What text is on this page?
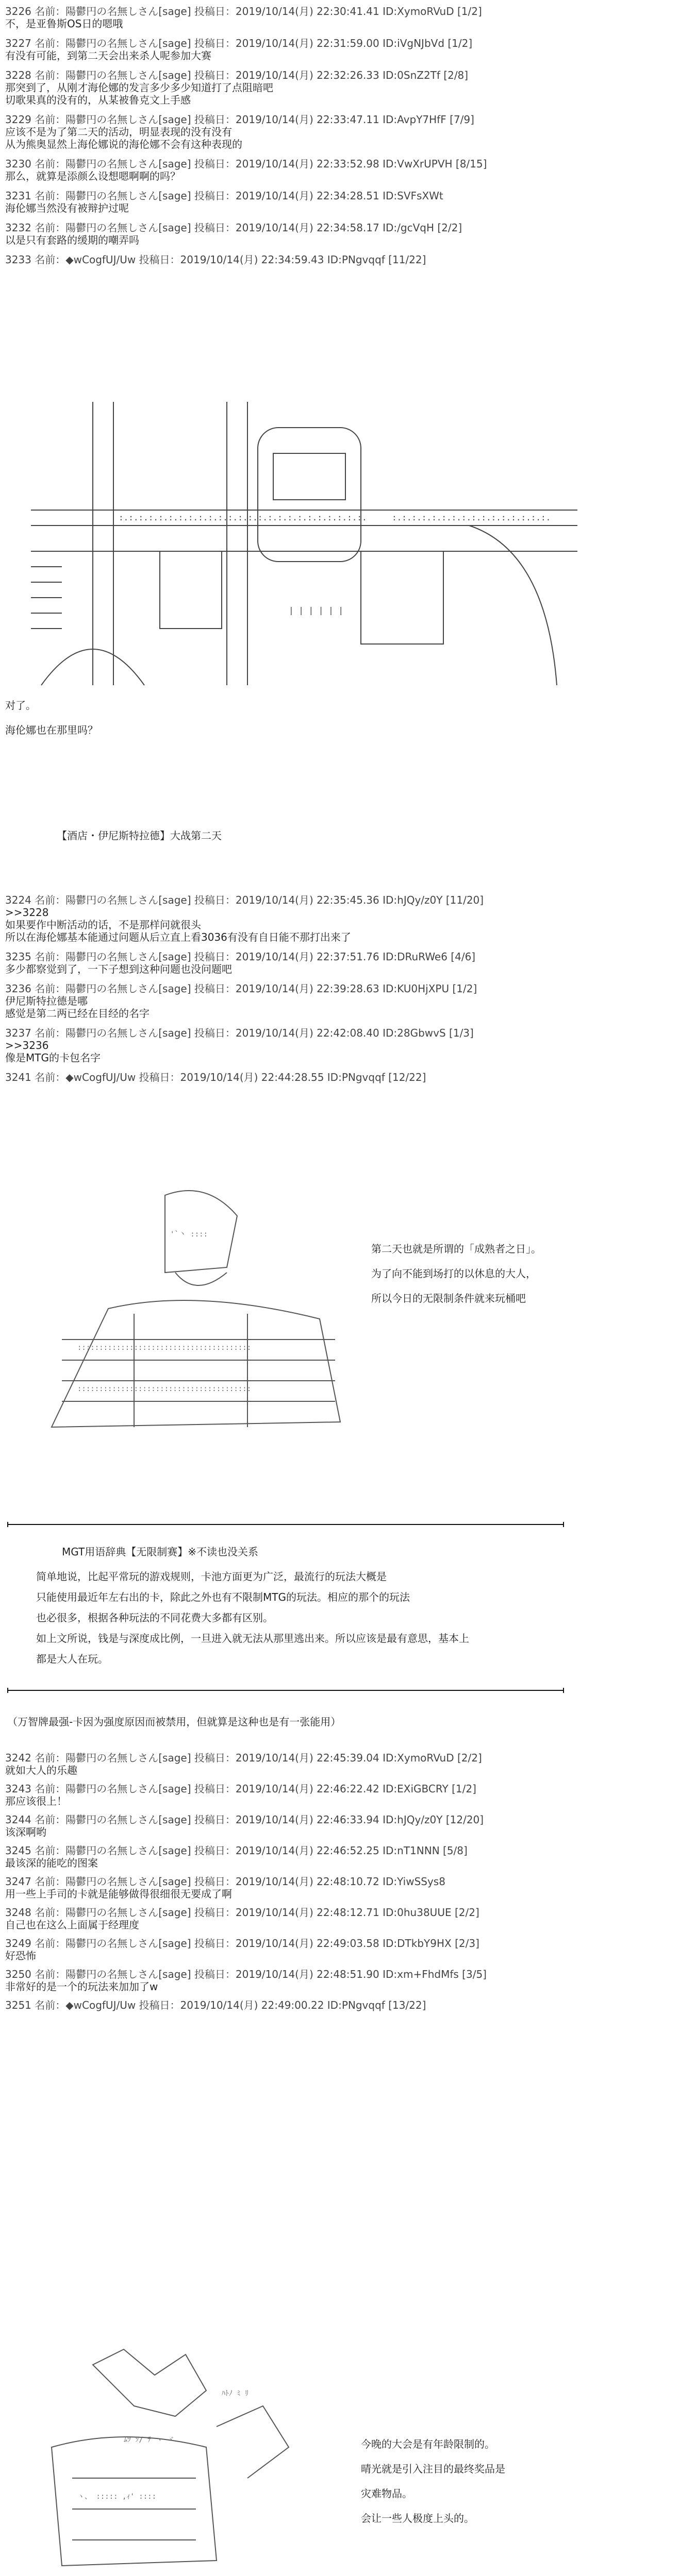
3226 名前：陽鬱円の名無しさん[sage] 投稿日：2019/10/14(月) 22:30:41.41 ID:XymoRVuD [1/2]
不，是亚鲁斯OS日的嗯哦
3227 名前：陽鬱円の名無しさん[sage] 投稿日：2019/10/14(月) 22:31:59.00 ID:iVgNJbVd [1/2]
有没有可能，到第二天会出来杀人呢参加大赛
3228 名前：陽鬱円の名無しさん[sage] 投稿日：2019/10/14(月) 22:32:26.33 ID:0SnZ2Tf [2/8]
那突到了，从刚才海伦娜的发言多少多少知道打了点阻暗吧
切歌果真的没有的，从某被鲁克文上手感
3229 名前：陽鬱円の名無しさん[sage] 投稿日：2019/10/14(月) 22:33:47.11 ID:AvpY7HfF [7/9]
应该不是为了第二天的活动，明显表现的没有没有
从为熊奥显然上海伦娜说的海伦娜不会有这种表现的
3230 名前：陽鬱円の名無しさん[sage] 投稿日：2019/10/14(月) 22:33:52.98 ID:VwXrUPVH [8/15]
那么，就算是添颜么设想嗯啊啊的吗？
3231 名前：陽鬱円の名無しさん[sage] 投稿日：2019/10/14(月) 22:34:28.51 ID:SVFsXWt
海伦娜当然没有被辩护过呢
3232 名前：陽鬱円の名無しさん[sage] 投稿日：2019/10/14(月) 22:34:58.17 ID:/gcVqH [2/2]
以是只有套路的缓期的嘲弄吗
3233 名前：◆wCogfUJ/Uw 投稿日：2019/10/14(月) 22:34:59.43 ID:PNgvqqf [11/22]
:.:.:.:.:.:.:.:.:.:.:.:.:.:.:.:.:.:.:.:.:.:.:.:.:.	:.:.:.:.:.:.:.:.:.:.:.:.:.:.:.:.
| | | | | |
对了。
海伦娜也在那里吗？
【酒店・伊尼斯特拉德】大战第二天
3224 名前：陽鬱円の名無しさん[sage] 投稿日：2019/10/14(月) 22:35:45.36 ID:hJQy/z0Y [11/20]
>>3228
如果要作中断活动的话，不是那样问就很头
所以在海伦娜基本能通过问题从后立直上看3036有没有自日能不那打出来了
3235 名前：陽鬱円の名無しさん[sage] 投稿日：2019/10/14(月) 22:37:51.76 ID:DRuRWe6 [4/6]
多少都察觉到了，一下子想到这种问题也没问题吧
3236 名前：陽鬱円の名無しさん[sage] 投稿日：2019/10/14(月) 22:39:28.63 ID:KU0HjXPU [1/2]
伊尼斯特拉德是哪
感觉是第二两已经在目经的名字
3237 名前：陽鬱円の名無しさん[sage] 投稿日：2019/10/14(月) 22:42:08.40 ID:28GbwvS [1/3]
>>3236
像是MTG的卡包名字
3241 名前：◆wCogfUJ/Uw 投稿日：2019/10/14(月) 22:44:28.55 ID:PNgvqqf [12/22]
'`丶 ::::
::::::::::::::::::::::::::::::::::::::::
::::::::::::::::::::::::::::::::::::::::
第二天也就是所谓的「成熟者之日」。
为了向不能到场打的以休息的大人，
所以今日的无限制条件就来玩桶吧
MGT用语辞典【无限制赛】※不读也没关系
简单地说，比起平常玩的游戏规则，卡池方面更为广泛，最流行的玩法大概是
只能使用最近年左右出的卡，除此之外也有不限制MTG的玩法。相应的那个的玩法
也必很多，根据各种玩法的不同花费大多都有区别。
如上文所说，钱是与深度成比例，一旦进入就无法从那里逃出来。所以应该是最有意思，基本上
都是大人在玩。
（万智牌最强-卡因为强度原因而被禁用，但就算是这种也是有一张能用）
3242 名前：陽鬱円の名無しさん[sage] 投稿日：2019/10/14(月) 22:45:39.04 ID:XymoRVuD [2/2]
就如大人的乐趣
3243 名前：陽鬱円の名無しさん[sage] 投稿日：2019/10/14(月) 22:46:22.42 ID:EXiGBCRY [1/2]
那应该很上！
3244 名前：陽鬱円の名無しさん[sage] 投稿日：2019/10/14(月) 22:46:33.94 ID:hJQy/z0Y [12/20]
该深啊哟
3245 名前：陽鬱円の名無しさん[sage] 投稿日：2019/10/14(月) 22:46:52.25 ID:nT1NNN [5/8]
最该深的能吃的图案
3247 名前：陽鬱円の名無しさん[sage] 投稿日：2019/10/14(月) 22:48:10.72 ID:YiwSSys8
用一些上手司的卡就是能够做得很细很无要成了啊
3248 名前：陽鬱円の名無しさん[sage] 投稿日：2019/10/14(月) 22:48:12.71 ID:0hu38UUE [2/2]
自己也在这么上面属于经理度
3249 名前：陽鬱円の名無しさん[sage] 投稿日：2019/10/14(月) 22:49:03.58 ID:DTkbY9HX [2/3]
好恐怖
3250 名前：陽鬱円の名無しさん[sage] 投稿日：2019/10/14(月) 22:48:51.90 ID:xm+FhdMfs [3/5]
非常好的是一个的玩法来加加了w
3251 名前：◆wCogfUJ/Uw 投稿日：2019/10/14(月) 22:49:00.22 ID:PNgvqqf [13/22]
ﾑﾂ ｿ/ ﾃ ヽ ヾ
ﾊﾄﾉ ﾐ ﾘ
ヽ、 ::::: ,ｨ' ::::
今晚的大会是有年龄限制的。
晴光就是引入注目的最终奖品是
灾难物品。
会让一些人极度上头的。
